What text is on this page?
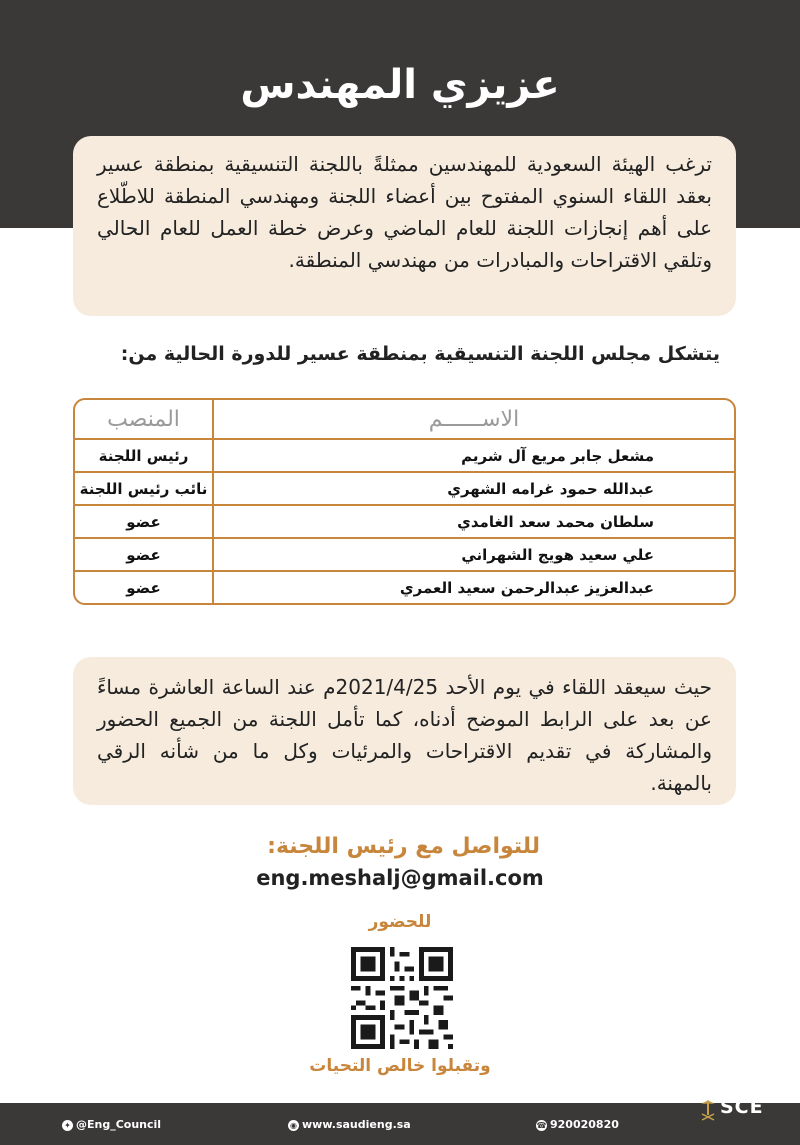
عزيزي المهندس
ترغب الهيئة السعودية للمهندسين ممثلةً باللجنة التنسيقية بمنطقة عسير بعقد اللقاء السنوي المفتوح بين أعضاء اللجنة ومهندسي المنطقة للاطّلاع على أهم إنجازات اللجنة للعام الماضي وعرض خطة العمل للعام الحالي وتلقي الاقتراحات والمبادرات من مهندسي المنطقة.
يتشكل مجلس اللجنة التنسيقية بمنطقة عسير للدورة الحالية من:
الاســــــم	المنصب
مشعل جابر مريع آل شريم	رئيس اللجنة
عبدالله حمود غرامه الشهري	نائب رئيس اللجنة
سلطان محمد سعد الغامدي	عضو
علي سعيد هويج الشهراني	عضو
عبدالعزيز عبدالرحمن سعيد العمري	عضو
حيث سيعقد اللقاء في يوم الأحد 2021/4/25م عند الساعة العاشرة مساءً عن بعد على الرابط الموضح أدناه، كما تأمل اللجنة من الجميع الحضور والمشاركة في تقديم الاقتراحات والمرئيات وكل ما من شأنه الرقي بالمهنة.
للتواصل مع رئيس اللجنة:
eng.meshalj@gmail.com
للحضور
وتقبلوا خالص التحيات
✦ @Eng_Council	◉ www.saudieng.sa	☎ 920020820
SCE
